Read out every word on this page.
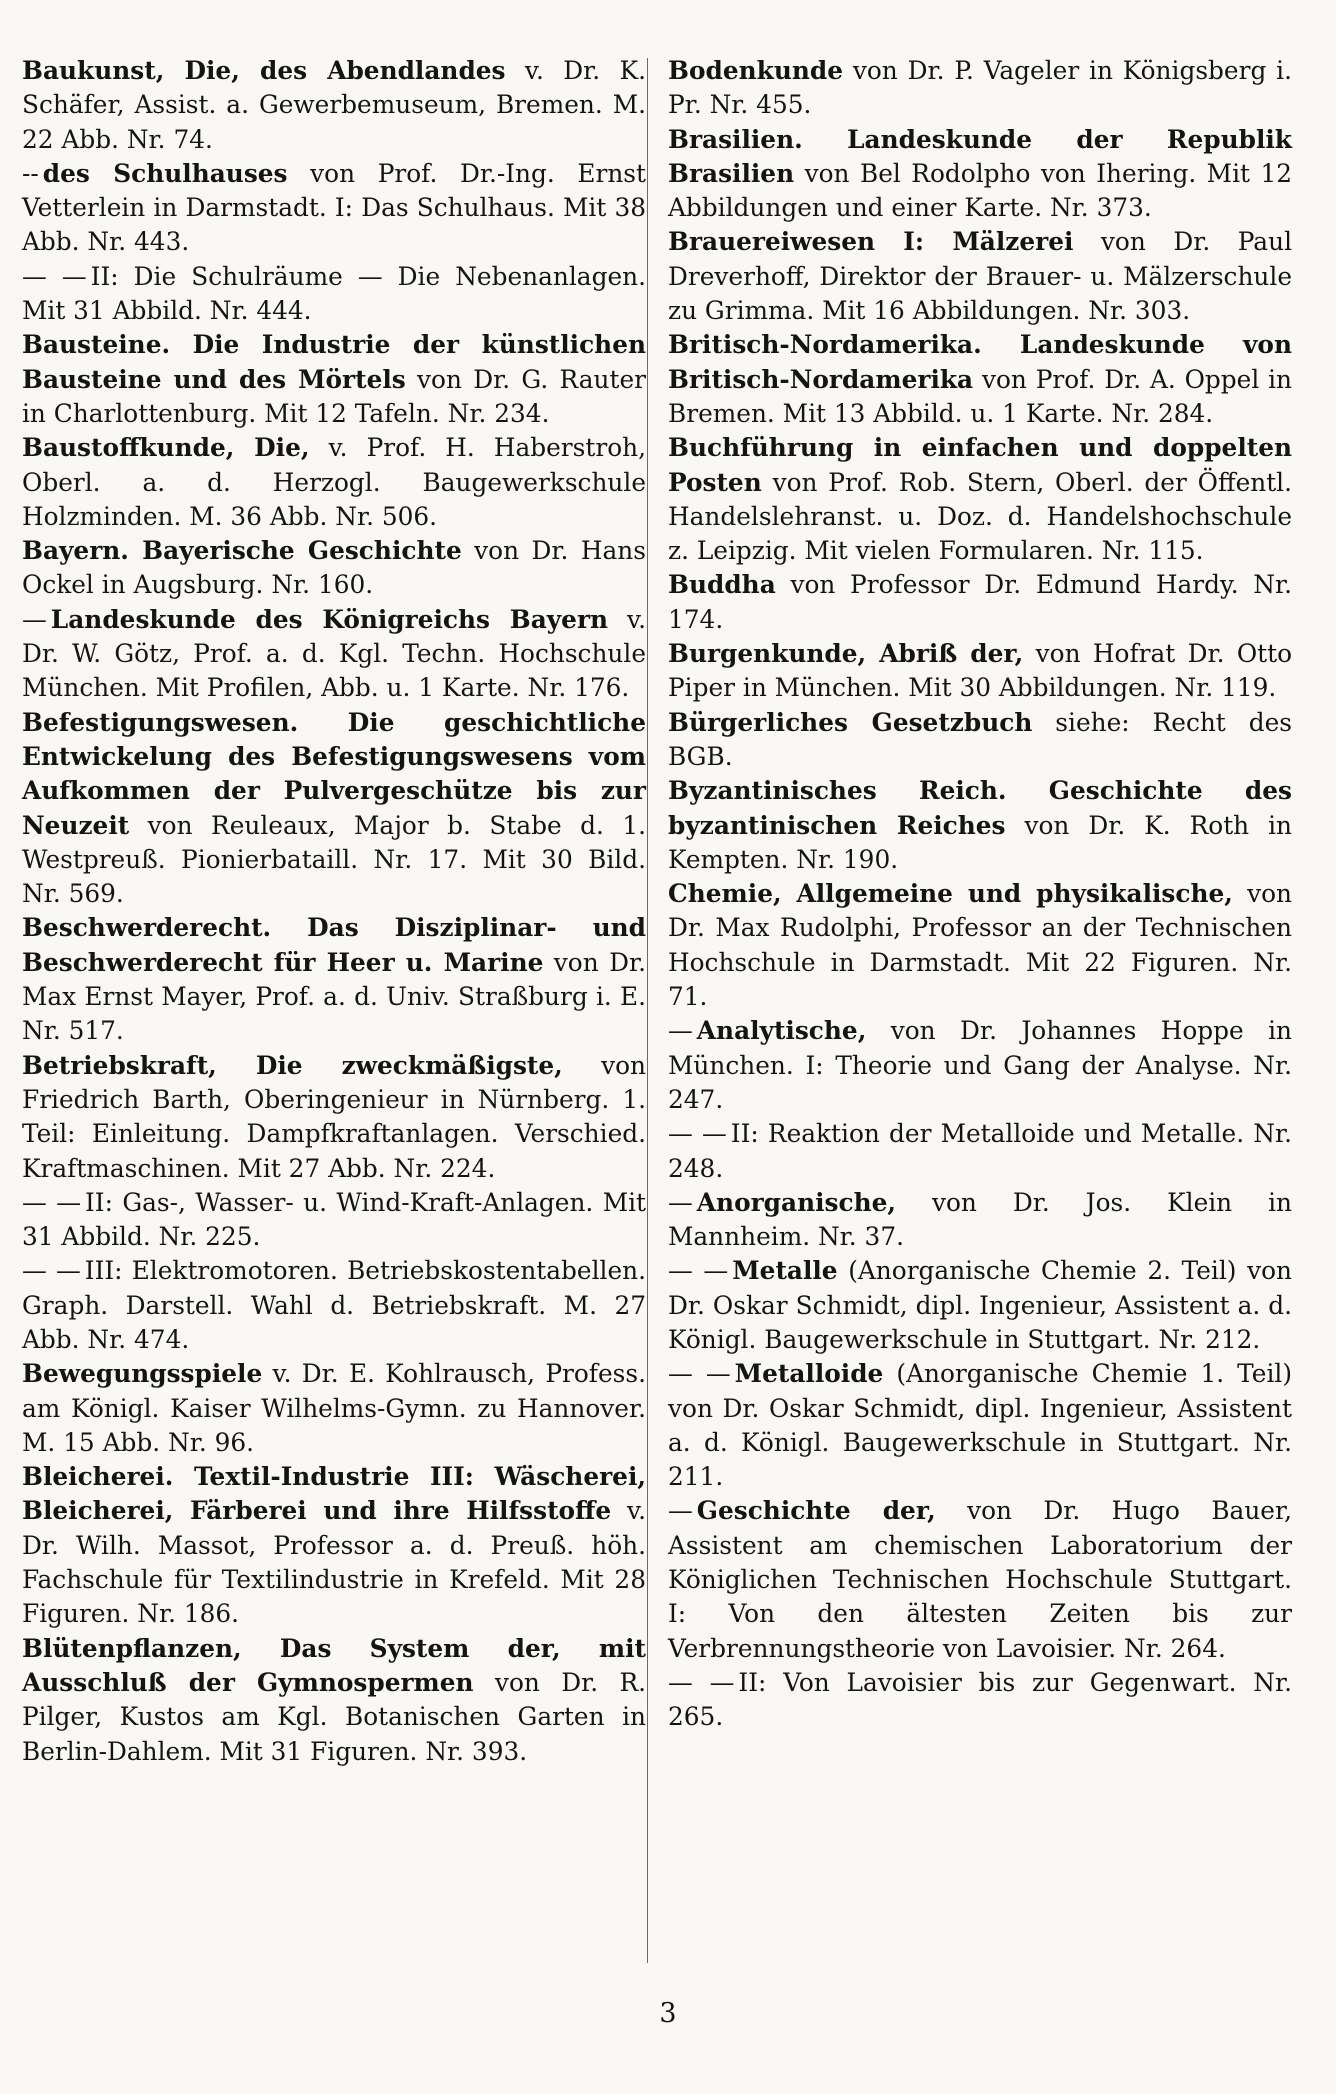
Baukunst, Die, des Abendlandes v. Dr. K. Schäfer, Assist. a. Gewerbemuseum, Bremen. M. 22 Abb. Nr. 74.
-- des Schulhauses von Prof. Dr.-Ing. Ernst Vetterlein in Darmstadt. I: Das Schulhaus. Mit 38 Abb. Nr. 443.
— — II: Die Schulräume — Die Nebenanlagen. Mit 31 Abbild. Nr. 444.
Bausteine. Die Industrie der künstlichen Bausteine und des Mörtels von Dr. G. Rauter in Charlottenburg. Mit 12 Tafeln. Nr. 234.
Baustoffkunde, Die, v. Prof. H. Haberstroh, Oberl. a. d. Herzogl. Baugewerkschule Holzminden. M. 36 Abb. Nr. 506.
Bayern. Bayerische Geschichte von Dr. Hans Ockel in Augsburg. Nr. 160.
— Landeskunde des Königreichs Bayern v. Dr. W. Götz, Prof. a. d. Kgl. Techn. Hochschule München. Mit Profilen, Abb. u. 1 Karte. Nr. 176.
Befestigungswesen. Die geschichtliche Entwickelung des Befestigungswesens vom Aufkommen der Pulvergeschütze bis zur Neuzeit von Reuleaux, Major b. Stabe d. 1. Westpreuß. Pionierbataill. Nr. 17. Mit 30 Bild. Nr. 569.
Beschwerderecht. Das Disziplinar- und Beschwerderecht für Heer u. Marine von Dr. Max Ernst Mayer, Prof. a. d. Univ. Straßburg i. E. Nr. 517.
Betriebskraft, Die zweckmäßigste, von Friedrich Barth, Oberingenieur in Nürnberg. 1. Teil: Einleitung. Dampfkraftanlagen. Verschied. Kraftmaschinen. Mit 27 Abb. Nr. 224.
— — II: Gas-, Wasser- u. Wind-Kraft-Anlagen. Mit 31 Abbild. Nr. 225.
— — III: Elektromotoren. Betriebskostentabellen. Graph. Darstell. Wahl d. Betriebskraft. M. 27 Abb. Nr. 474.
Bewegungsspiele v. Dr. E. Kohlrausch, Profess. am Königl. Kaiser Wilhelms-Gymn. zu Hannover. M. 15 Abb. Nr. 96.
Bleicherei. Textil-Industrie III: Wäscherei, Bleicherei, Färberei und ihre Hilfsstoffe v. Dr. Wilh. Massot, Professor a. d. Preuß. höh. Fachschule für Textilindustrie in Krefeld. Mit 28 Figuren. Nr. 186.
Blütenpflanzen, Das System der, mit Ausschluß der Gymnospermen von Dr. R. Pilger, Kustos am Kgl. Botanischen Garten in Berlin-Dahlem. Mit 31 Figuren. Nr. 393.
Bodenkunde von Dr. P. Vageler in Königsberg i. Pr. Nr. 455.
Brasilien. Landeskunde der Republik Brasilien von Bel Rodolpho von Ihering. Mit 12 Abbildungen und einer Karte. Nr. 373.
Brauereiwesen I: Mälzerei von Dr. Paul Dreverhoff, Direktor der Brauer- u. Mälzerschule zu Grimma. Mit 16 Abbildungen. Nr. 303.
Britisch-Nordamerika. Landeskunde von Britisch-Nordamerika von Prof. Dr. A. Oppel in Bremen. Mit 13 Abbild. u. 1 Karte. Nr. 284.
Buchführung in einfachen und doppelten Posten von Prof. Rob. Stern, Oberl. der Öffentl. Handelslehranst. u. Doz. d. Handelshochschule z. Leipzig. Mit vielen Formularen. Nr. 115.
Buddha von Professor Dr. Edmund Hardy. Nr. 174.
Burgenkunde, Abriß der, von Hofrat Dr. Otto Piper in München. Mit 30 Abbildungen. Nr. 119.
Bürgerliches Gesetzbuch siehe: Recht des BGB.
Byzantinisches Reich. Geschichte des byzantinischen Reiches von Dr. K. Roth in Kempten. Nr. 190.
Chemie, Allgemeine und physikalische, von Dr. Max Rudolphi, Professor an der Technischen Hochschule in Darmstadt. Mit 22 Figuren. Nr. 71.
— Analytische, von Dr. Johannes Hoppe in München. I: Theorie und Gang der Analyse. Nr. 247.
— — II: Reaktion der Metalloide und Metalle. Nr. 248.
— Anorganische, von Dr. Jos. Klein in Mannheim. Nr. 37.
— — Metalle (Anorganische Chemie 2. Teil) von Dr. Oskar Schmidt, dipl. Ingenieur, Assistent a. d. Königl. Baugewerkschule in Stuttgart. Nr. 212.
— — Metalloide (Anorganische Chemie 1. Teil) von Dr. Oskar Schmidt, dipl. Ingenieur, Assistent a. d. Königl. Baugewerkschule in Stuttgart. Nr. 211.
— Geschichte der, von Dr. Hugo Bauer, Assistent am chemischen Laboratorium der Königlichen Technischen Hochschule Stuttgart. I: Von den ältesten Zeiten bis zur Verbrennungstheorie von Lavoisier. Nr. 264.
— — II: Von Lavoisier bis zur Gegenwart. Nr. 265.
3
